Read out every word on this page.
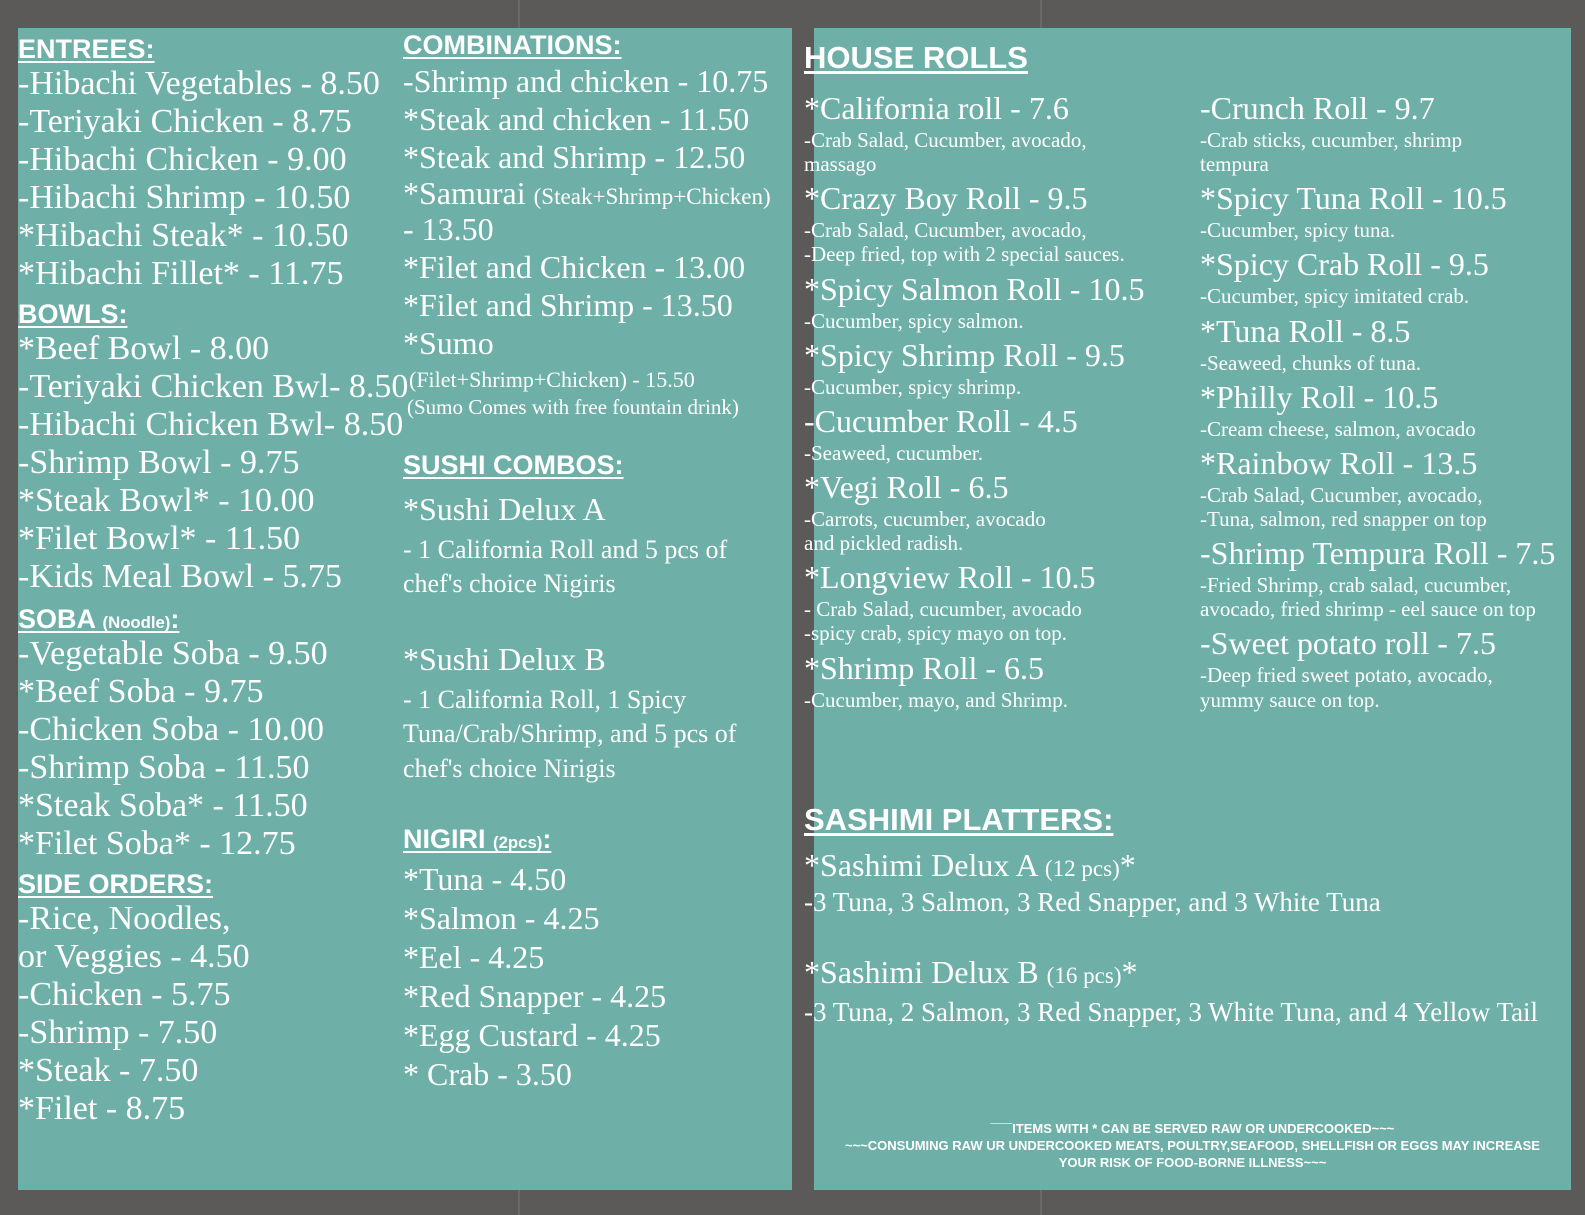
ENTREES:
-Hibachi Vegetables - 8.50
-Teriyaki Chicken - 8.75
-Hibachi Chicken - 9.00
-Hibachi Shrimp - 10.50
*Hibachi Steak* - 10.50
*Hibachi Fillet* - 11.75
BOWLS:
*Beef Bowl - 8.00
-Teriyaki Chicken Bwl- 8.50
-Hibachi Chicken Bwl- 8.50
-Shrimp Bowl - 9.75
*Steak Bowl* - 10.00
*Filet Bowl* - 11.50
-Kids Meal Bowl - 5.75
SOBA (Noodle):
-Vegetable Soba - 9.50
*Beef Soba - 9.75
-Chicken Soba - 10.00
-Shrimp Soba - 11.50
*Steak Soba* - 11.50
*Filet Soba* - 12.75
SIDE ORDERS:
-Rice, Noodles,
or Veggies - 4.50
-Chicken - 5.75
-Shrimp - 7.50
*Steak - 7.50
*Filet - 8.75
COMBINATIONS:
-Shrimp and chicken - 10.75
*Steak and chicken - 11.50
*Steak and Shrimp - 12.50
*Samurai (Steak+Shrimp+Chicken)
- 13.50
*Filet and Chicken - 13.00
*Filet and Shrimp - 13.50
*Sumo
(Filet+Shrimp+Chicken) - 15.50
(Sumo Comes with free fountain drink)
SUSHI COMBOS:
*Sushi Delux A
- 1 California Roll and 5 pcs of chef's choice Nigiris
*Sushi Delux B
- 1 California Roll, 1 Spicy Tuna/Crab/Shrimp, and 5 pcs of chef's choice Nirigis
NIGIRI (2pcs):
*Tuna - 4.50
*Salmon - 4.25
*Eel - 4.25
*Red Snapper - 4.25
*Egg Custard - 4.25
* Crab - 3.50
HOUSE ROLLS
*California roll - 7.6
-Crab Salad, Cucumber, avocado,
massago
*Crazy Boy Roll - 9.5
-Crab Salad, Cucumber, avocado,
-Deep fried, top with 2 special sauces.
*Spicy Salmon Roll - 10.5
-Cucumber, spicy salmon.
*Spicy Shrimp Roll - 9.5
-Cucumber, spicy shrimp.
-Cucumber Roll - 4.5
-Seaweed, cucumber.
*Vegi Roll - 6.5
-Carrots, cucumber, avocado
and pickled radish.
*Longview Roll - 10.5
- Crab Salad, cucumber, avocado
-spicy crab, spicy mayo on top.
*Shrimp Roll - 6.5
-Cucumber, mayo, and Shrimp.
-Crunch Roll - 9.7
-Crab sticks, cucumber, shrimp
tempura
*Spicy Tuna Roll - 10.5
-Cucumber, spicy tuna.
*Spicy Crab Roll - 9.5
-Cucumber, spicy imitated crab.
*Tuna Roll - 8.5
-Seaweed, chunks of tuna.
*Philly Roll - 10.5
-Cream cheese, salmon, avocado
*Rainbow Roll - 13.5
-Crab Salad, Cucumber, avocado,
-Tuna, salmon, red snapper on top
-Shrimp Tempura Roll - 7.5
-Fried Shrimp, crab salad, cucumber,
avocado, fried shrimp - eel sauce on top
-Sweet potato roll - 7.5
-Deep fried sweet potato, avocado,
yummy sauce on top.
SASHIMI PLATTERS:
*Sashimi Delux A (12 pcs)*
-3 Tuna, 3 Salmon, 3 Red Snapper, and 3 White Tuna
*Sashimi Delux B (16 pcs)*
-3 Tuna, 2 Salmon, 3 Red Snapper, 3 White Tuna, and 4 Yellow Tail
¯¯¯ITEMS WITH * CAN BE SERVED RAW OR UNDERCOOKED~~~
~~~CONSUMING RAW UR UNDERCOOKED MEATS, POULTRY,SEAFOOD, SHELLFISH OR EGGS MAY INCREASE
YOUR RISK OF FOOD-BORNE ILLNESS~~~
